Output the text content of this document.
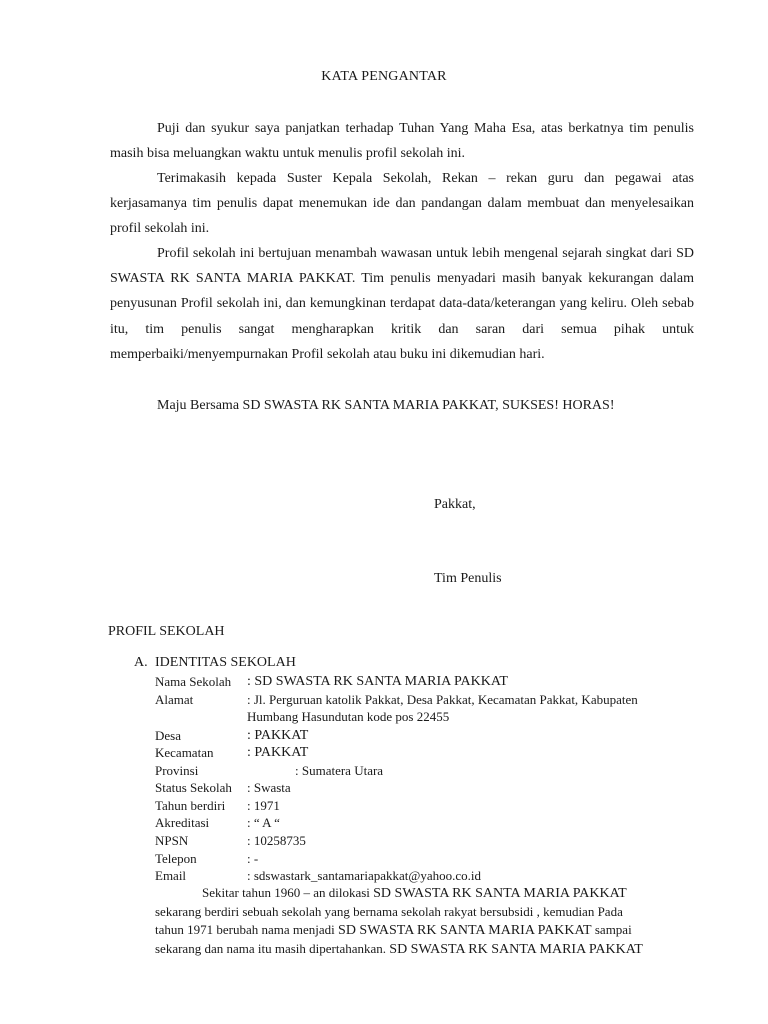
KATA PENGANTAR

Puji dan syukur saya panjatkan terhadap Tuhan Yang Maha Esa, atas berkatnya tim penulis masih bisa meluangkan waktu untuk menulis profil sekolah ini.

Terimakasih kepada Suster Kepala Sekolah, Rekan – rekan guru dan pegawai atas kerjasamanya tim penulis dapat menemukan ide dan pandangan dalam membuat dan menyelesaikan profil sekolah ini.

Profil sekolah ini bertujuan menambah wawasan untuk lebih mengenal sejarah singkat dari SD SWASTA RK SANTA MARIA PAKKAT. Tim penulis menyadari masih banyak kekurangan dalam penyusunan Profil sekolah ini, dan kemungkinan terdapat data-data/keterangan yang keliru. Oleh sebab itu, tim penulis sangat mengharapkan kritik dan saran dari semua pihak untuk memperbaiki/menyempurnakan Profil sekolah atau buku ini dikemudian hari.

Maju Bersama SD SWASTA RK SANTA MARIA PAKKAT, SUKSES! HORAS!

Pakkat,
Tim Penulis
PROFIL SEKOLAH
A. IDENTITAS SEKOLAH
Nama Sekolah : SD SWASTA RK SANTA MARIA PAKKAT
Alamat	: Jl. Perguruan katolik Pakkat, Desa Pakkat, Kecamatan Pakkat, Kabupaten Humbang Hasundutan kode pos 22455
Desa	: PAKKAT
Kecamatan : PAKKAT
Provinsi	: Sumatera Utara
Status Sekolah : Swasta
Tahun berdiri : 1971
Akreditasi	: “ A “
NPSN	: 10258735
Telepon	: -
Email	: sdswastark_santamariapakkat@yahoo.co.id

Sekitar tahun 1960 – an dilokasi SD SWASTA RK SANTA MARIA PAKKAT
sekarang berdiri sebuah sekolah yang bernama sekolah rakyat bersubsidi , kemudian Pada
tahun 1971 berubah nama menjadi SD SWASTA RK SANTA MARIA PAKKAT sampai
sekarang dan nama itu masih dipertahankan. SD SWASTA RK SANTA MARIA PAKKAT
